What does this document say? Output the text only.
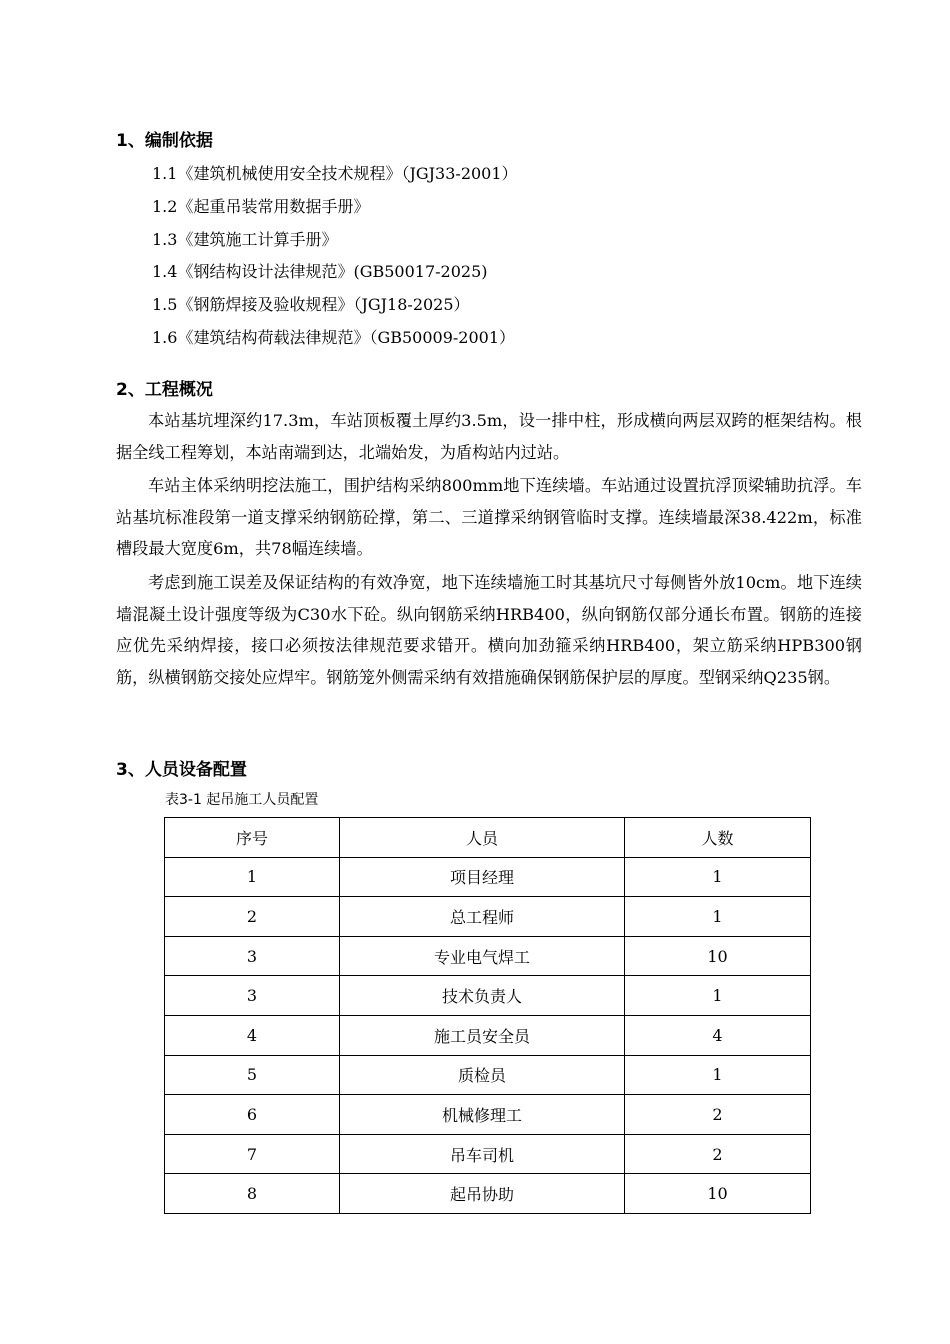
1、编制依据
1.1《建筑机械使用安全技术规程》（JGJ33-2001）
1.2《起重吊装常用数据手册》
1.3《建筑施工计算手册》
1.4《钢结构设计法律规范》(GB50017-2025)
1.5《钢筋焊接及验收规程》（JGJ18-2025）
1.6《建筑结构荷载法律规范》（GB50009-2001）
2、工程概况

本站基坑埋深约17.3m，车站顶板覆土厚约3.5m，设一排中柱，形成横向两层双跨的框架结构。根据全线工程筹划，本站南端到达，北端始发，为盾构站内过站。

车站主体采纳明挖法施工，围护结构采纳800mm地下连续墙。车站通过设置抗浮顶梁辅助抗浮。车站基坑标准段第一道支撑采纳钢筋砼撑，第二、三道撑采纳钢管临时支撑。连续墙最深38.422m，标准槽段最大宽度6m，共78幅连续墙。

考虑到施工误差及保证结构的有效净宽，地下连续墙施工时其基坑尺寸每侧皆外放10cm。地下连续墙混凝土设计强度等级为C30水下砼。纵向钢筋采纳HRB400，纵向钢筋仅部分通长布置。钢筋的连接应优先采纳焊接，接口必须按法律规范要求错开。横向加劲箍采纳HRB400，架立筋采纳HPB300钢筋，纵横钢筋交接处应焊牢。钢筋笼外侧需采纳有效措施确保钢筋保护层的厚度。型钢采纳Q235钢。

3、人员设备配置
表3-1 起吊施工人员配置
序号	人员	人数
1	项目经理	1
2	总工程师	1
3	专业电气焊工	10
3	技术负责人	1
4	施工员安全员	4
5	质检员	1
6	机械修理工	2
7	吊车司机	2
8	起吊协助	10
